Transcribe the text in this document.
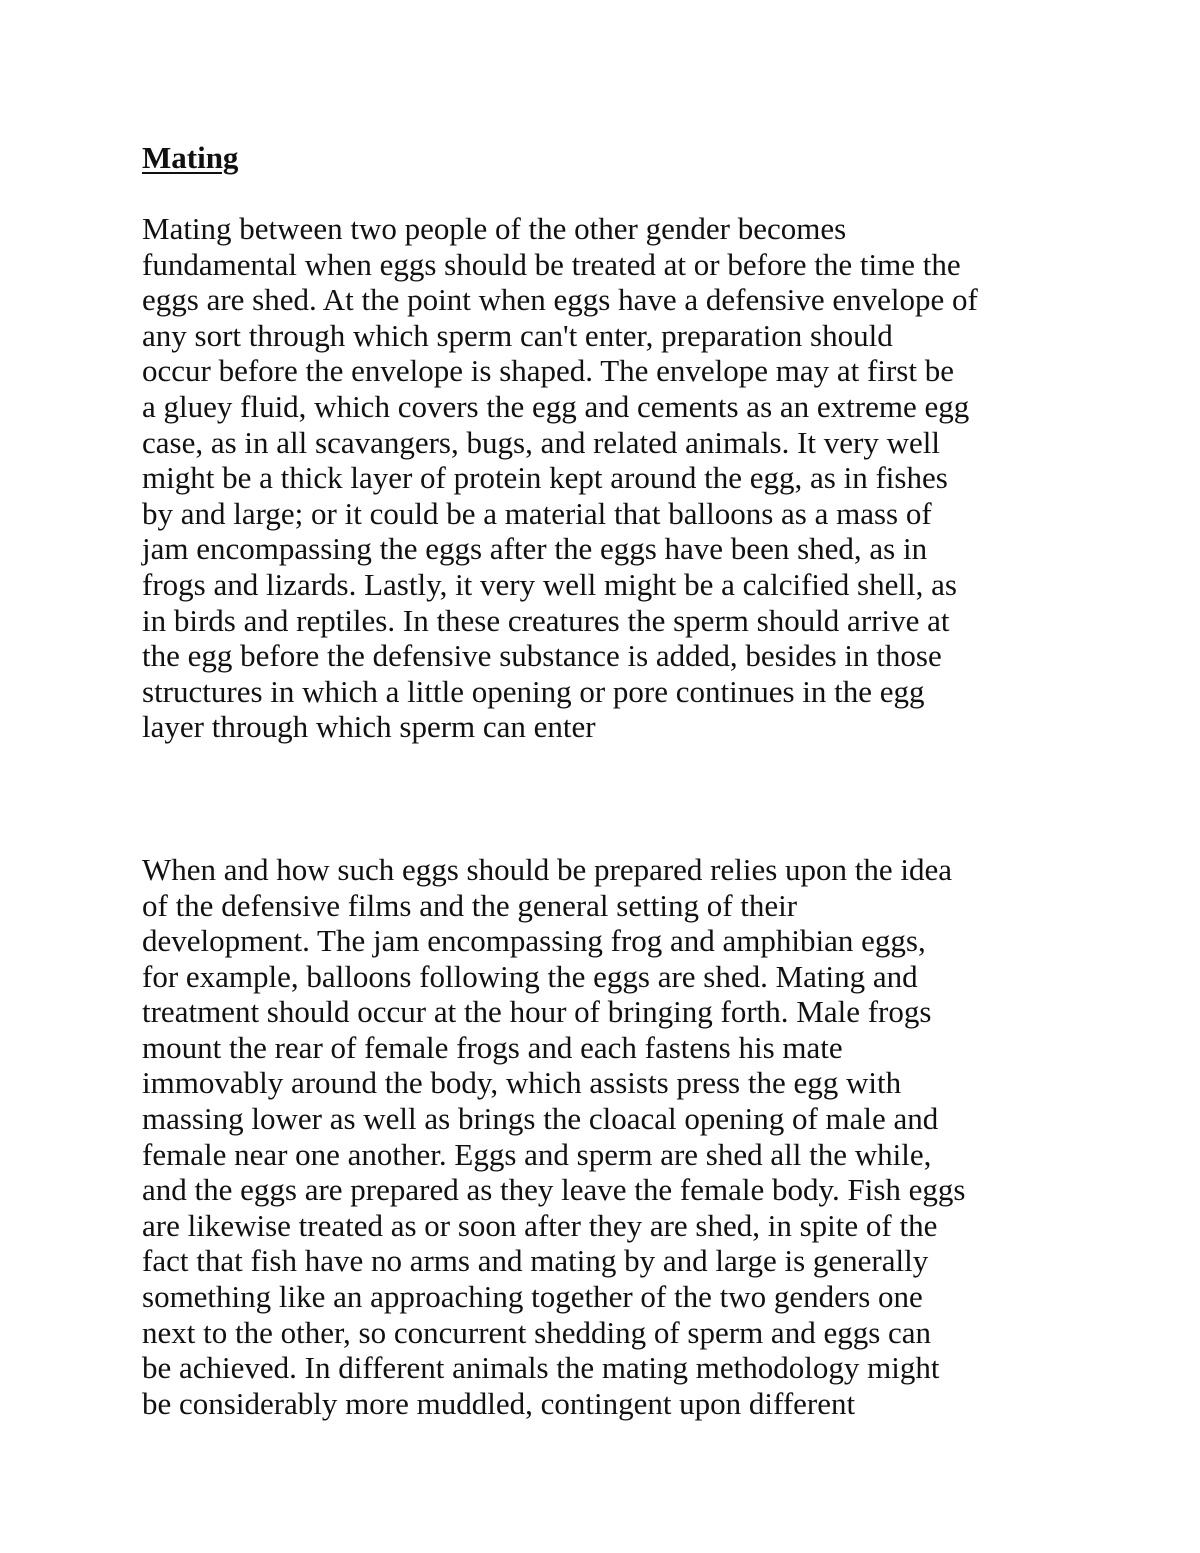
Mating

Mating between two people of the other gender becomes
fundamental when eggs should be treated at or before the time the
eggs are shed. At the point when eggs have a defensive envelope of
any sort through which sperm can't enter, preparation should
occur before the envelope is shaped. The envelope may at first be
a gluey fluid, which covers the egg and cements as an extreme egg
case, as in all scavangers, bugs, and related animals. It very well
might be a thick layer of protein kept around the egg, as in fishes
by and large; or it could be a material that balloons as a mass of
jam encompassing the eggs after the eggs have been shed, as in
frogs and lizards. Lastly, it very well might be a calcified shell, as
in birds and reptiles. In these creatures the sperm should arrive at
the egg before the defensive substance is added, besides in those
structures in which a little opening or pore continues in the egg
layer through which sperm can enter

When and how such eggs should be prepared relies upon the idea
of the defensive films and the general setting of their
development. The jam encompassing frog and amphibian eggs,
for example, balloons following the eggs are shed. Mating and
treatment should occur at the hour of bringing forth. Male frogs
mount the rear of female frogs and each fastens his mate
immovably around the body, which assists press the egg with
massing lower as well as brings the cloacal opening of male and
female near one another. Eggs and sperm are shed all the while,
and the eggs are prepared as they leave the female body. Fish eggs
are likewise treated as or soon after they are shed, in spite of the
fact that fish have no arms and mating by and large is generally
something like an approaching together of the two genders one
next to the other, so concurrent shedding of sperm and eggs can
be achieved. In different animals the mating methodology might
be considerably more muddled, contingent upon different
